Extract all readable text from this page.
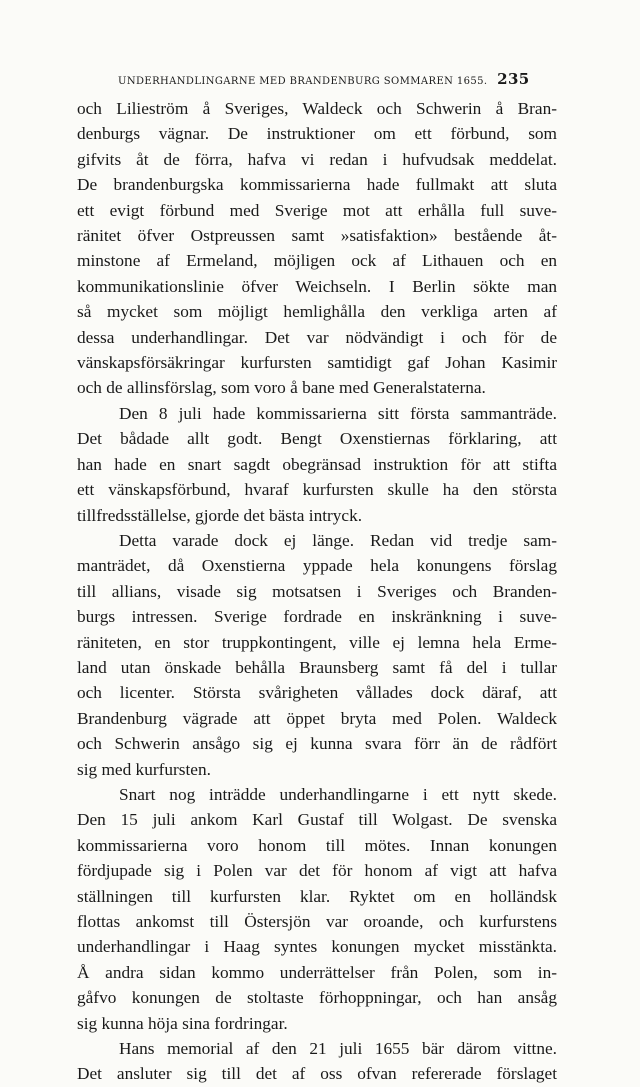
UNDERHANDLINGARNE MED BRANDENBURG SOMMAREN 1655. 235
och Lilieström å Sveriges, Waldeck och Schwerin å Bran-
denburgs vägnar. De instruktioner om ett förbund, som
gifvits åt de förra, hafva vi redan i hufvudsak meddelat.
De brandenburgska kommissarierna hade fullmakt att sluta
ett evigt förbund med Sverige mot att erhålla full suve-
ränitet öfver Ostpreussen samt »satisfaktion» bestående åt-
minstone af Ermeland, möjligen ock af Lithauen och en
kommunikationslinie öfver Weichseln. I Berlin sökte man
så mycket som möjligt hemlighålla den verkliga arten af
dessa underhandlingar. Det var nödvändigt i och för de
vänskapsförsäkringar kurfursten samtidigt gaf Johan Kasimir
och de allinsförslag, som voro å bane med Generalstaterna.
Den 8 juli hade kommissarierna sitt första sammanträde.
Det bådade allt godt. Bengt Oxenstiernas förklaring, att
han hade en snart sagdt obegränsad instruktion för att stifta
ett vänskapsförbund, hvaraf kurfursten skulle ha den största
tillfredsställelse, gjorde det bästa intryck.
Detta varade dock ej länge. Redan vid tredje sam-
manträdet, då Oxenstierna yppade hela konungens förslag
till allians, visade sig motsatsen i Sveriges och Branden-
burgs intressen. Sverige fordrade en inskränkning i suve-
räniteten, en stor truppkontingent, ville ej lemna hela Erme-
land utan önskade behålla Braunsberg samt få del i tullar
och licenter. Största svårigheten vållades dock däraf, att
Brandenburg vägrade att öppet bryta med Polen. Waldeck
och Schwerin ansågo sig ej kunna svara förr än de rådfört
sig med kurfursten.
Snart nog inträdde underhandlingarne i ett nytt skede.
Den 15 juli ankom Karl Gustaf till Wolgast. De svenska
kommissarierna voro honom till mötes. Innan konungen
fördjupade sig i Polen var det för honom af vigt att hafva
ställningen till kurfursten klar. Ryktet om en holländsk
flottas ankomst till Östersjön var oroande, och kurfurstens
underhandlingar i Haag syntes konungen mycket misstänkta.
Å andra sidan kommo underrättelser från Polen, som in-
gåfvo konungen de stoltaste förhoppningar, och han ansåg
sig kunna höja sina fordringar.
Hans memorial af den 21 juli 1655 bär därom vittne.
Det ansluter sig till det af oss ofvan refererade förslaget
